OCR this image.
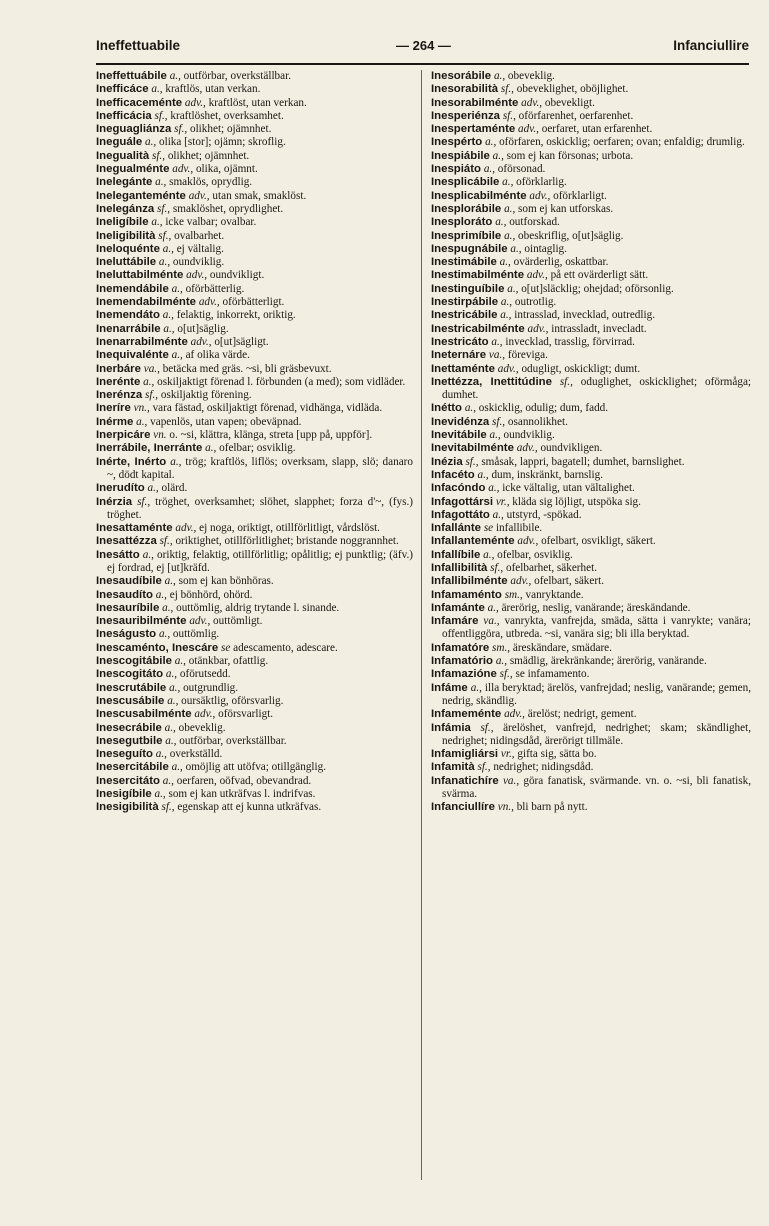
Ineffettuabile	— 264 —	Infanciullire

Ineffettuábile a., outförbar, overkställbar.

Inefficáce a., kraftlös, utan verkan.

Inefficaceménte adv., kraftlöst, utan verkan.

Inefficácia sf., kraftlöshet, overksamhet.

Ineguagliánza sf., olikhet; ojämnhet.

Ineguále a., olika [stor]; ojämn; skroflig.

Inegualità sf., olikhet; ojämnhet.

Inegualménte adv., olika, ojämnt.

Inelegánte a., smaklös, oprydlig.

Ineleganteménte adv., utan smak, smaklöst.

Inelegánza sf., smaklöshet, oprydlighet.

Ineligíbile a., icke valbar; ovalbar.

Ineligibilità sf., ovalbarhet.

Ineloquénte a., ej vältalig.

Ineluttábile a., oundviklig.

Ineluttabilménte adv., oundvikligt.

Inemendábile a., oförbätterlig.

Inemendabilménte adv., oförbätterligt.

Inemendáto a., felaktig, inkorrekt, oriktig.

Inenarrábile a., o[ut]säglig.

Inenarrabilménte adv., o[ut]sägligt.

Inequivalénte a., af olika värde.

Inerbáre va., betäcka med gräs. ~si, bli gräsbevuxt.

Inerénte a., oskiljaktigt förenad l. förbunden (a med); som vidläder.

Inerénza sf., oskiljaktig förening.

Ineríre vn., vara fästad, oskiljaktigt förenad, vidhänga, vidläda.

Inérme a., vapenlös, utan vapen; obeväpnad.

Inerpicáre vn. o. ~si, klättra, klänga, streta [upp på, uppför].

Inerrábile, Inerránte a., ofelbar; osviklig.

Inérte, Inérto a., trög; kraftlös, liflös; overksam, slapp, slö; danaro ~, dödt kapital.

Inerudíto a., olärd.

Inérzia sf., tröghet, overksamhet; slöhet, slapphet; forza d'~, (fys.) tröghet.

Inesattaménte adv., ej noga, oriktigt, otillförlitligt, vårdslöst.

Inesattézza sf., oriktighet, otillförlitlighet; bristande noggrannhet.

Inesátto a., oriktig, felaktig, otillförlitlig; opålitlig; ej punktlig; (äfv.) ej fordrad, ej [ut]kräfd.

Inesaudíbile a., som ej kan bönhöras.

Inesaudíto a., ej bönhörd, ohörd.

Inesauríbile a., outtömlig, aldrig trytande l. sinande.

Inesauribilménte adv., outtömligt.

Ineságusto a., outtömlig.

Inescaménto, Inescáre se adescamento, adescare.

Inescogitábile a., otänkbar, ofattlig.

Inescogitáto a., oförutsedd.

Inescrutábile a., outgrundlig.

Inescusábile a., oursäktlig, oförsvarlig.

Inescusabilménte adv., oförsvarligt.

Inesecrábile a., obeveklig.

Inesegutbile a., outförbar, overkställbar.

Ineseguíto a., overkställd.

Inesercitábile a., omöjlig att utöfva; otillgänglig.

Inesercitáto a., oerfaren, oöfvad, obevandrad.

Inesigíbile a., som ej kan utkräfvas l. indrifvas.

Inesigibilità sf., egenskap att ej kunna utkräfvas.

Inesorábile a., obeveklig.

Inesorabilità sf., obeveklighet, oböjlighet.

Inesorabilménte adv., obevekligt.

Inesperiénza sf., oförfarenhet, oerfarenhet.

Inespertaménte adv., oerfaret, utan erfarenhet.

Inespérto a., oförfaren, oskicklig; oerfaren; ovan; enfaldig; drumlig.

Inespiábile a., som ej kan försonas; urbota.

Inespiáto a., oförsonad.

Inesplicábile a., oförklarlig.

Inesplicabilménte adv., oförklarligt.

Inesplorábile a., som ej kan utforskas.

Inesploráto a., outforskad.

Inesprimíbile a., obeskriflig, o[ut]säglig.

Inespugnábile a., ointaglig.

Inestimábile a., ovärderlig, oskattbar.

Inestimabilménte adv., på ett ovärderligt sätt.

Inestinguíbile a., o[ut]släcklig; ohejdad; oförsonlig.

Inestirpábile a., outrotlig.

Inestricábile a., intrasslad, invecklad, outredlig.

Inestricabilménte adv., intrassladt, invecladt.

Inestricáto a., invecklad, trasslig, förvirrad.

Ineternáre va., föreviga.

Inettaménte adv., odugligt, oskickligt; dumt.

Inettézza, Inettitúdine sf., oduglighet, oskicklighet; oförmåga; dumhet.

Inétto a., oskicklig, odulig; dum, fadd.

Inevidénza sf., osannolikhet.

Inevitábile a., oundviklig.

Inevitabilménte adv., oundvikligen.

Inézia sf., småsak, lappri, bagatell; dumhet, barnslighet.

Infacéto a., dum, inskränkt, barnslig.

Infacóndo a., icke vältalig, utan vältalighet.

Infagottársi vr., kläda sig löjligt, utspöka sig.

Infagottáto a., utstyrd, -spökad.

Infallánte se infallibile.

Infallanteménte adv., ofelbart, osvikligt, säkert.

Infallíbile a., ofelbar, osviklig.

Infallibilità sf., ofelbarhet, säkerhet.

Infallibilménte adv., ofelbart, säkert.

Infamaménto sm., vanryktande.

Infamánte a., ärerörig, neslig, vanärande; äreskändande.

Infamáre va., vanrykta, vanfrejda, smäda, sätta i vanrykte; vanära; offentliggöra, utbreda. ~si, vanära sig; bli illa beryktad.

Infamatóre sm., äreskändare, smädare.

Infamatório a., smädlig, ärekränkande; ärerörig, vanärande.

Infamazióne sf., se infamamento.

Infáme a., illa beryktad; ärelös, vanfrejdad; neslig, vanärande; gemen, nedrig, skändlig.

Infameménte adv., ärelöst; nedrigt, gement.

Infámia sf., ärelöshet, vanfrejd, nedrighet; skam; skändlighet, nedrighet; nidingsdåd, ärerörigt tillmäle.

Infamigliársi vr., gifta sig, sätta bo.

Infamità sf., nedrighet; nidingsdåd.

Infanatichíre va., göra fanatisk, svärmande. vn. o. ~si, bli fanatisk, svärma.

Infanciullíre vn., bli barn på nytt.
